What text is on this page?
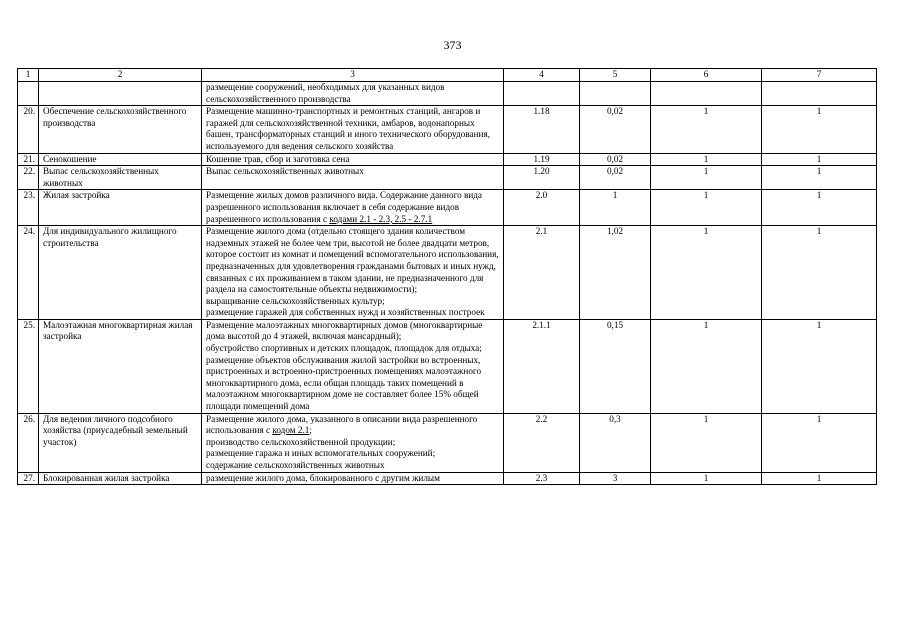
373
1	2	3	4	5	6	7
		размещение сооружений, необходимых для указанных видов сельскохозяйственного производства				
20.	Обеспечение сельскохозяйственного производства	Размещение машинно-транспортных и ремонтных станций, ангаров и гаражей для сельскохозяйственной техники, амбаров, водонапорных башен, трансформаторных станций и иного технического оборудования, используемого для ведения сельского хозяйства	1.18	0,02	1	1
21.	Сенокошение	Кошение трав, сбор и заготовка сена	1.19	0,02	1	1
22.	Выпас сельскохозяйственных животных	Выпас сельскохозяйственных животных	1.20	0,02	1	1
23.	Жилая застройка	Размещение жилых домов различного вида. Содержание данного вида разрешенного использования включает в себя содержание видов разрешенного использования с кодами 2.1 - 2.3, 2.5 - 2.7.1	2.0	1	1	1
24.	Для индивидуального жилищного строительства	Размещение жилого дома (отдельно стоящего здания количеством надземных этажей не более чем три, высотой не более двадцати метров, которое состоит из комнат и помещений вспомогательного использования, предназначенных для удовлетворения гражданами бытовых и иных нужд, связанных с их проживанием в таком здании, не предназначенного для раздела на самостоятельные объекты недвижимости);
выращивание сельскохозяйственных культур;
размещение гаражей для собственных нужд и хозяйственных построек	2.1	1,02	1	1
25.	Малоэтажная многоквартирная жилая застройка	Размещение малоэтажных многоквартирных домов (многоквартирные дома высотой до 4 этажей, включая мансардный);
обустройство спортивных и детских площадок, площадок для отдыха;
размещение объектов обслуживания жилой застройки во встроенных, пристроенных и встроенно-пристроенных помещениях малоэтажного многоквартирного дома, если общая площадь таких помещений в малоэтажном многоквартирном доме не составляет более 15% общей площади помещений дома	2.1.1	0,15	1	1
26.	Для ведения личного подсобного хозяйства (приусадебный земельный участок)	Размещение жилого дома, указанного в описании вида разрешенного использования с кодом 2.1;
производство сельскохозяйственной продукции;
размещение гаража и иных вспомогательных сооружений;
содержание сельскохозяйственных животных	2.2	0,3	1	1
27.	Блокированная жилая застройка	размещение жилого дома, блокированного с другим жилым	2.3	3	1	1
